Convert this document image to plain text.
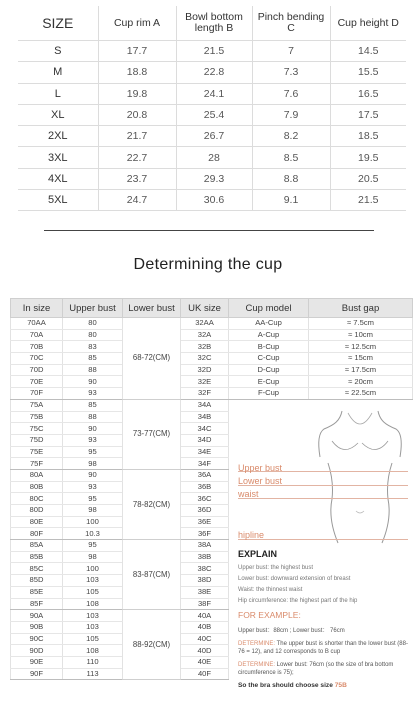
SIZE	Cup rim A	Bowl bottom length B	Pinch bending C	Cup height D
S	17.7	21.5	7	14.5
M	18.8	22.8	7.3	15.5
L	19.8	24.1	7.6	16.5
XL	20.8	25.4	7.9	17.5
2XL	21.7	26.7	8.2	18.5
3XL	22.7	28	8.5	19.5
4XL	23.7	29.3	8.8	20.5
5XL	24.7	30.6	9.1	21.5
Determining the cup
In size	Upper bust	Lower bust	UK size	Cup model	Bust gap
70AA	80	68-72(CM)	32AA	AA-Cup	≈ 7.5cm
70A	80		32A	A-Cup	≈ 10cm
70B	83		32B	B-Cup	≈ 12.5cm
70C	85		32C	C-Cup	≈ 15cm
70D	88		32D	D-Cup	≈ 17.5cm
70E	90		32E	E-Cup	≈ 20cm
70F	93		32F	F-Cup	≈ 22.5cm
75A	85	73-77(CM)	34A		
75B	88		34B		
75C	90		34C		
75D	93		34D		
75E	95		34E		
75F	98		34F		
80A	90	78-82(CM)	36A		
80B	93		36B		
80C	95		36C		
80D	98		36D		
80E	100		36E		
80F	10.3		36F		
85A	95	83-87(CM)	38A		
85B	98		38B		
85C	100		38C		
85D	103		38D		
85E	105		38E		
85F	108		38F		
90A	103	88-92(CM)	40A		
90B	103		40B		
90C	105		40C		
90D	108		40D		
90E	110		40E		
90F	113		40F		
Upper bust
Lower bust
waist
hipline
EXPLAIN
Upper bust: the highest bust
Lower bust: downward extension of breast
Waist: the thinnest waist
Hip circumference: the highest part of the hip
FOR EXAMPLE:
Upper bust：88cm ; Lower bust： 76cm
DETERMINE: The upper bust is shorter than the lower bust (88-76 = 12), and 12 corresponds to B cup
DETERMINE: Lower bust: 76cm (so the size of bra bottom circumference is 75);
So the bra should choose size 75B
